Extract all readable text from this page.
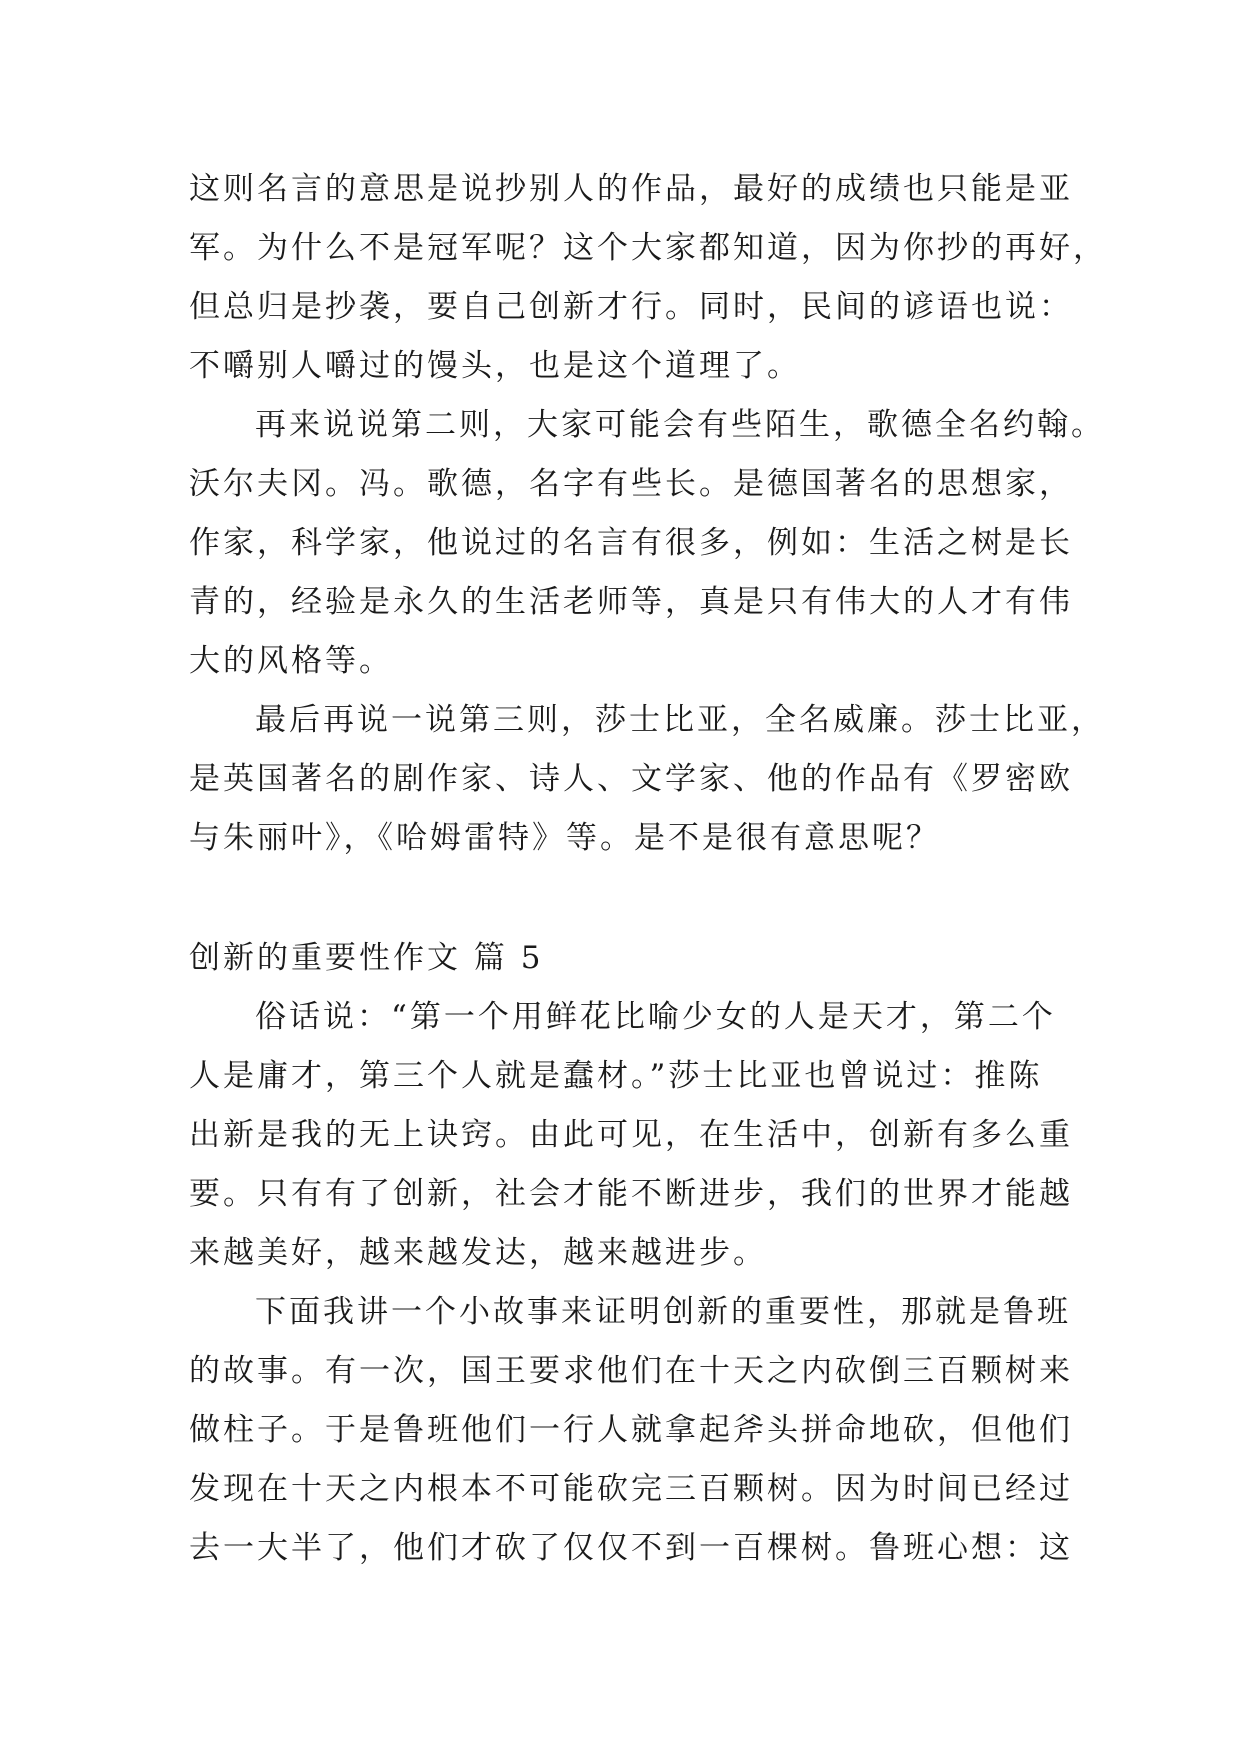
这则名言的意思是说抄别人的作品，最好的成绩也只能是亚
军。为什么不是冠军呢？这个大家都知道，因为你抄的再好，
但总归是抄袭，要自己创新才行。同时，民间的谚语也说：
不嚼别人嚼过的馒头，也是这个道理了。
再来说说第二则，大家可能会有些陌生，歌德全名约翰。
沃尔夫冈。冯。歌德，名字有些长。是德国著名的思想家，
作家，科学家，他说过的名言有很多，例如：生活之树是长
青的，经验是永久的生活老师等，真是只有伟大的人才有伟
大的风格等。
最后再说一说第三则，莎士比亚，全名威廉。莎士比亚，
是英国著名的剧作家、诗人、文学家、他的作品有《罗密欧
与朱丽叶》，《哈姆雷特》等。是不是很有意思呢？
创新的重要性作文 篇 5
俗话说：“第一个用鲜花比喻少女的人是天才，第二个
人是庸才，第三个人就是蠢材。”莎士比亚也曾说过：推陈
出新是我的无上诀窍。由此可见，在生活中，创新有多么重
要。只有有了创新，社会才能不断进步，我们的世界才能越
来越美好，越来越发达，越来越进步。
下面我讲一个小故事来证明创新的重要性，那就是鲁班
的故事。有一次，国王要求他们在十天之内砍倒三百颗树来
做柱子。于是鲁班他们一行人就拿起斧头拼命地砍，但他们
发现在十天之内根本不可能砍完三百颗树。因为时间已经过
去一大半了，他们才砍了仅仅不到一百棵树。鲁班心想：这
